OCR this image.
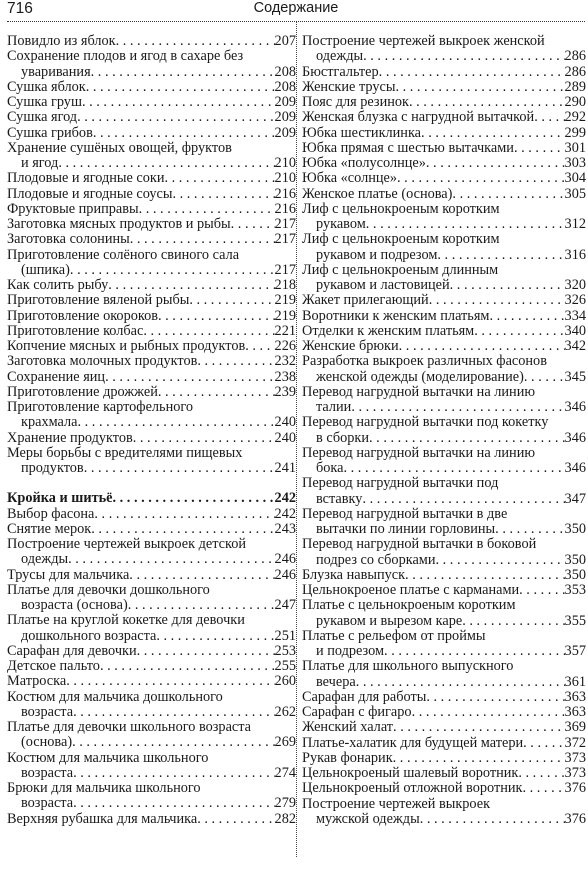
716	Содержание
Повидло из яблок . . .	207
Сохранение плодов и ягод в сахаре без
уваривания . . .	208
Сушка яблок . . .	208
Сушка груш . . .	209
Сушка ягод . . .	209
Сушка грибов . . .	209
Хранение сушёных овощей, фруктов
и ягод . . .	210
Плодовые и ягодные соки . . .	210
Плодовые и ягодные соусы . . .	216
Фруктовые приправы . . .	216
Заготовка мясных продуктов и рыбы . . .	217
Заготовка солонины . . .	217
Приготовление солёного свиного сала
(шпика) . . .	217
Как солить рыбу . . .	218
Приготовление вяленой рыбы . . .	219
Приготовление окороков . . .	219
Приготовление колбас . . .	221
Копчение мясных и рыбных продуктов . . . 226
Заготовка молочных продуктов . . .	232
Сохранение яиц . . .	238
Приготовление дрожжей . . .	239
Приготовление картофельного
крахмала . . .	240
Хранение продуктов . . .	240
Меры борьбы с вредителями пищевых
продуктов . . .	241
Кройка и шитьё . . .	242
Выбор фасона . . .	242
Снятие мерок . . .	243
Построение чертежей выкроек детской
одежды . . .	246
Трусы для мальчика . . .	246
Платье для девочки дошкольного
возраста (основа) . . .	247
Платье на круглой кокетке для девочки
дошкольного возраста . . .	251
Сарафан для девочки . . .	253
Детское пальто . . .	255
Матроска . . .	260
Костюм для мальчика дошкольного
возраста . . .	262
Платье для девочки школьного возраста
(основа) . . .	269
Костюм для мальчика школьного
возраста . . .	274
Брюки для мальчика школьного
возраста . . .	279
Верхняя рубашка для мальчика . . .	282
Построение чертежей выкроек женской
одежды . . .	286
Бюстгальтер . . .	286
Женские трусы . . .	289
Пояс для резинок . . .	290
Женская блузка с нагрудной вытачкой . . . 292
Юбка шестиклинка . . .	299
Юбка прямая с шестью вытачками . . .	301
Юбка «полусолнце» . . .	303
Юбка «солнце» . . .	304
Женское платье (основа) . . .	305
Лиф с цельнокроеным коротким
рукавом . . .	312
Лиф с цельнокроеным коротким
рукавом и подрезом . . .	316
Лиф с цельнокроеным длинным
рукавом и ластовицей . . .	320
Жакет прилегающий . . .	326
Воротники к женским платьям . . .	334
Отделки к женским платьям . . .	340
Женские брюки . . .	342
Разработка выкроек различных фасонов
женской одежды (моделирование) . . .	345
Перевод нагрудной вытачки на линию
талии . . .	346
Перевод нагрудной вытачки под кокетку
в сборки . . .	346
Перевод нагрудной вытачки на линию
бока . . .	346
Перевод нагрудной вытачки под
вставку . . .	347
Перевод нагрудной вытачки в две
вытачки по линии горловины . . .	350
Перевод нагрудной вытачки в боковой
подрез со сборками . . .	350
Блузка навыпуск . . .	350
Цельнокроеное платье с карманами . . .	353
Платье с цельнокроеным коротким
рукавом и вырезом каре . . .	355
Платье с рельефом от проймы
и подрезом . . .	357
Платье для школьного выпускного
вечера . . .	361
Сарафан для работы . . .	363
Сарафан с фигаро . . .	363
Женский халат . . .	369
Платье-халатик для будущей матери . . .	372
Рукав фонарик . . .	373
Цельнокроеный шалевый воротник . . .	373
Цельнокроеный отложной воротник . . .	376
Построение чертежей выкроек
мужской одежды . . .	376
